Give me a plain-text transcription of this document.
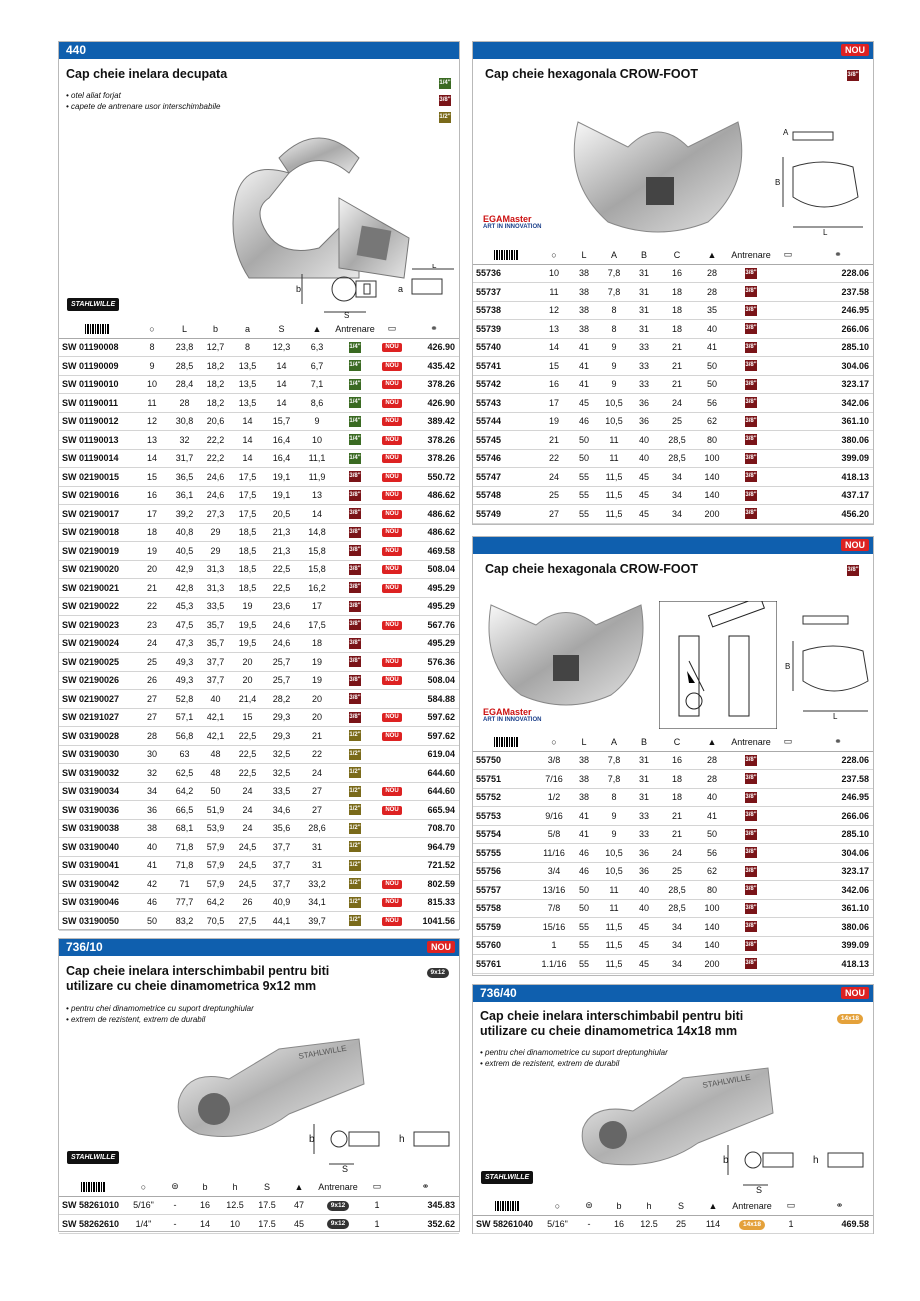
440
Cap cheie inelara decupata
• otel aliat forjat
• capete de antrenare usor interschimbabile
1/4"
3/8"
1/2"
b
S
L
a
STAHLWILLE
	○	L	b	a	S	▲	Antrenare	▭	⚭
SW 01190008	8	23,8	12,7	8	12,3	6,3	1/4"	NOU	426.90
SW 01190009	9	28,5	18,2	13,5	14	6,7	1/4"	NOU	435.42
SW 01190010	10	28,4	18,2	13,5	14	7,1	1/4"	NOU	378.26
SW 01190011	11	28	18,2	13,5	14	8,6	1/4"	NOU	426.90
SW 01190012	12	30,8	20,6	14	15,7	9	1/4"	NOU	389.42
SW 01190013	13	32	22,2	14	16,4	10	1/4"	NOU	378.26
SW 01190014	14	31,7	22,2	14	16,4	11,1	1/4"	NOU	378.26
SW 02190015	15	36,5	24,6	17,5	19,1	11,9	3/8"	NOU	550.72
SW 02190016	16	36,1	24,6	17,5	19,1	13	3/8"	NOU	486.62
SW 02190017	17	39,2	27,3	17,5	20,5	14	3/8"	NOU	486.62
SW 02190018	18	40,8	29	18,5	21,3	14,8	3/8"	NOU	486.62
SW 02190019	19	40,5	29	18,5	21,3	15,8	3/8"	NOU	469.58
SW 02190020	20	42,9	31,3	18,5	22,5	15,8	3/8"	NOU	508.04
SW 02190021	21	42,8	31,3	18,5	22,5	16,2	3/8"	NOU	495.29
SW 02190022	22	45,3	33,5	19	23,6	17	3/8"		495.29
SW 02190023	23	47,5	35,7	19,5	24,6	17,5	3/8"	NOU	567.76
SW 02190024	24	47,3	35,7	19,5	24,6	18	3/8"		495.29
SW 02190025	25	49,3	37,7	20	25,7	19	3/8"	NOU	576.36
SW 02190026	26	49,3	37,7	20	25,7	19	3/8"	NOU	508.04
SW 02190027	27	52,8	40	21,4	28,2	20	3/8"		584.88
SW 02191027	27	57,1	42,1	15	29,3	20	3/8"	NOU	597.62
SW 03190028	28	56,8	42,1	22,5	29,3	21	1/2"	NOU	597.62
SW 03190030	30	63	48	22,5	32,5	22	1/2"		619.04
SW 03190032	32	62,5	48	22,5	32,5	24	1/2"		644.60
SW 03190034	34	64,2	50	24	33,5	27	1/2"	NOU	644.60
SW 03190036	36	66,5	51,9	24	34,6	27	1/2"	NOU	665.94
SW 03190038	38	68,1	53,9	24	35,6	28,6	1/2"		708.70
SW 03190040	40	71,8	57,9	24,5	37,7	31	1/2"		964.79
SW 03190041	41	71,8	57,9	24,5	37,7	31	1/2"		721.52
SW 03190042	42	71	57,9	24,5	37,7	33,2	1/2"	NOU	802.59
SW 03190046	46	77,7	64,2	26	40,9	34,1	1/2"	NOU	815.33
SW 03190050	50	83,2	70,5	27,5	44,1	39,7	1/2"	NOU	1041.56
736/10	NOU
Cap cheie inelara interschimbabil pentru biti
utilizare cu cheie dinamometrica 9x12 mm
9x12
• pentru chei dinamometrice cu suport dreptunghiular
• extrem de rezistent, extrem de durabil
STAHLWILLE
b
S
h
STAHLWILLE
	○	⊜	b	h	S	▲	Antrenare	▭	⚭
SW 58261010	5/16"	-	16	12.5	17.5	47	9x12	1	345.83
SW 58262610	1/4"	-	14	10	17.5	45	9x12	1	352.62
NOU
Cap cheie hexagonala CROW-FOOT	3/8"
B
L
A
EGAMaster
ART IN INNOVATION
	○	L	A	B	C	▲	Antrenare	▭	⚭
55736	10	38	7,8	31	16	28	3/8"		228.06
55737	11	38	7,8	31	18	28	3/8"		237.58
55738	12	38	8	31	18	35	3/8"		246.95
55739	13	38	8	31	18	40	3/8"		266.06
55740	14	41	9	33	21	41	3/8"		285.10
55741	15	41	9	33	21	50	3/8"		304.06
55742	16	41	9	33	21	50	3/8"		323.17
55743	17	45	10,5	36	24	56	3/8"		342.06
55744	19	46	10,5	36	25	62	3/8"		361.10
55745	21	50	11	40	28,5	80	3/8"		380.06
55746	22	50	11	40	28,5	100	3/8"		399.09
55747	24	55	11,5	45	34	140	3/8"		418.13
55748	25	55	11,5	45	34	140	3/8"		437.17
55749	27	55	11,5	45	34	200	3/8"		456.20
NOU
Cap cheie hexagonala CROW-FOOT	3/8"
B
L
EGAMaster
ART IN INNOVATION
	○	L	A	B	C	▲	Antrenare	▭	⚭
55750	3/8	38	7,8	31	16	28	3/8"		228.06
55751	7/16	38	7,8	31	18	28	3/8"		237.58
55752	1/2	38	8	31	18	40	3/8"		246.95
55753	9/16	41	9	33	21	41	3/8"		266.06
55754	5/8	41	9	33	21	50	3/8"		285.10
55755	11/16	46	10,5	36	24	56	3/8"		304.06
55756	3/4	46	10,5	36	25	62	3/8"		323.17
55757	13/16	50	11	40	28,5	80	3/8"		342.06
55758	7/8	50	11	40	28,5	100	3/8"		361.10
55759	15/16	55	11,5	45	34	140	3/8"		380.06
55760	1	55	11,5	45	34	140	3/8"		399.09
55761	1.1/16	55	11,5	45	34	200	3/8"		418.13
736/40	NOU
Cap cheie inelara interschimbabil pentru biti
utilizare cu cheie dinamometrica 14x18 mm
14x18
• pentru chei dinamometrice cu suport dreptunghiular
• extrem de rezistent, extrem de durabil
STAHLWILLE
b
S
h
STAHLWILLE
	○	⊜	b	h	S	▲	Antrenare	▭	⚭
SW 58261040	5/16"	-	16	12.5	25	114	14x18	1	469.58
